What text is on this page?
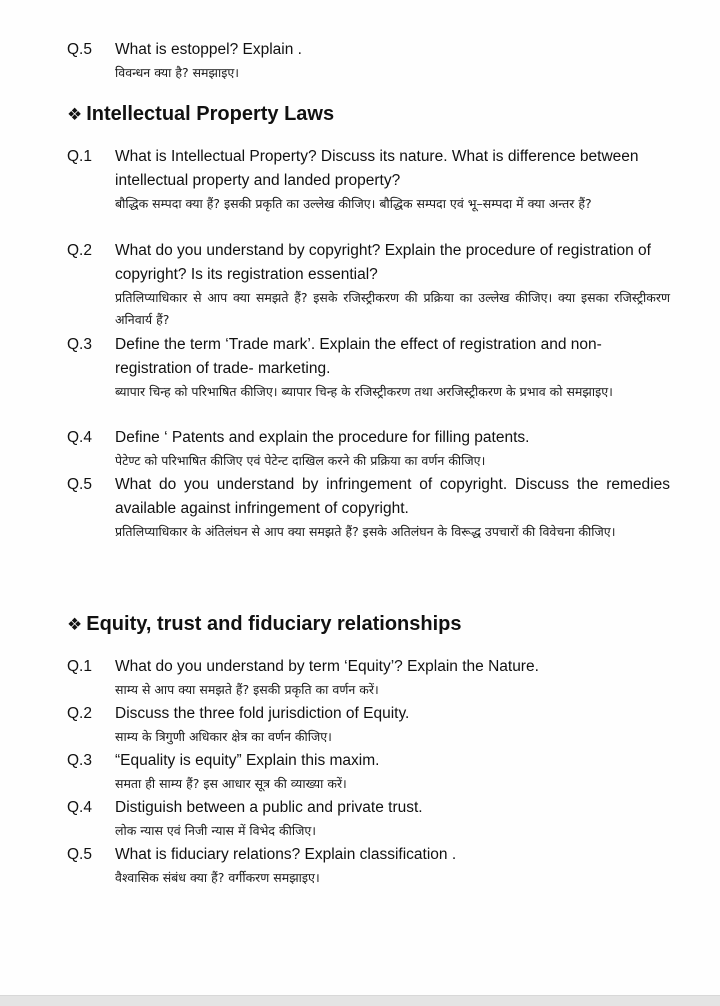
Q.5 What is estoppel? Explain .
विवन्धन क्या है? समझाइए।
❖ Intellectual Property Laws
Q.1 What is Intellectual Property? Discuss its nature. What is difference between intellectual property and landed property?
बौद्धिक सम्पदा क्या हैं? इसकी प्रकृति का उल्लेख कीजिए। बौद्धिक सम्पदा एवं भू–सम्पदा में क्या अन्तर हैं?
Q.2 What do you understand by copyright? Explain the procedure of registration of copyright? Is its registration essential?
प्रतिलिप्याधिकार से आप क्या समझते हैं? इसके रजिस्ट्रीकरण की प्रक्रिया का उल्लेख कीजिए। क्या इसका रजिस्ट्रीकरण अनिवार्य हैं?
Q.3 Define the term ‘Trade mark’. Explain the effect of registration and non-registration of trade- marketing.
ब्यापार चिन्ह को परिभाषित कीजिए। ब्यापार चिन्ह के रजिस्ट्रीकरण तथा अरजिस्ट्रीकरण के प्रभाव को समझाइए।
Q.4 Define ‘ Patents and explain the procedure for filling patents.
पेटेण्ट को परिभाषित कीजिए एवं पेटेन्ट दाखिल करने की प्रक्रिया का वर्णन कीजिए।
Q.5 What do you understand by infringement of copyright. Discuss the remedies available against infringement of copyright.
प्रतिलिप्याधिकार के अंतिलंघन से आप क्या समझते हैं? इसके अतिलंघन के विरूद्ध उपचारों की विवेचना कीजिए।
❖ Equity, trust and fiduciary relationships
Q.1 What do you understand by term ‘Equity’? Explain the Nature.
साम्य से आप क्या समझते हैं? इसकी प्रकृति का वर्णन करें।
Q.2 Discuss the three fold jurisdiction of Equity.
साम्य के त्रिगुणी अधिकार क्षेत्र का वर्णन कीजिए।
Q.3 “Equality is equity” Explain this maxim.
समता ही साम्य हैं? इस आधार सूत्र की व्याख्या करें।
Q.4 Distiguish between a public and private trust.
लोक न्यास एवं निजी न्यास में विभेद कीजिए।
Q.5 What is fiduciary relations? Explain classification .
वैश्वासिक संबंध क्या हैं? वर्गीकरण समझाइए।
